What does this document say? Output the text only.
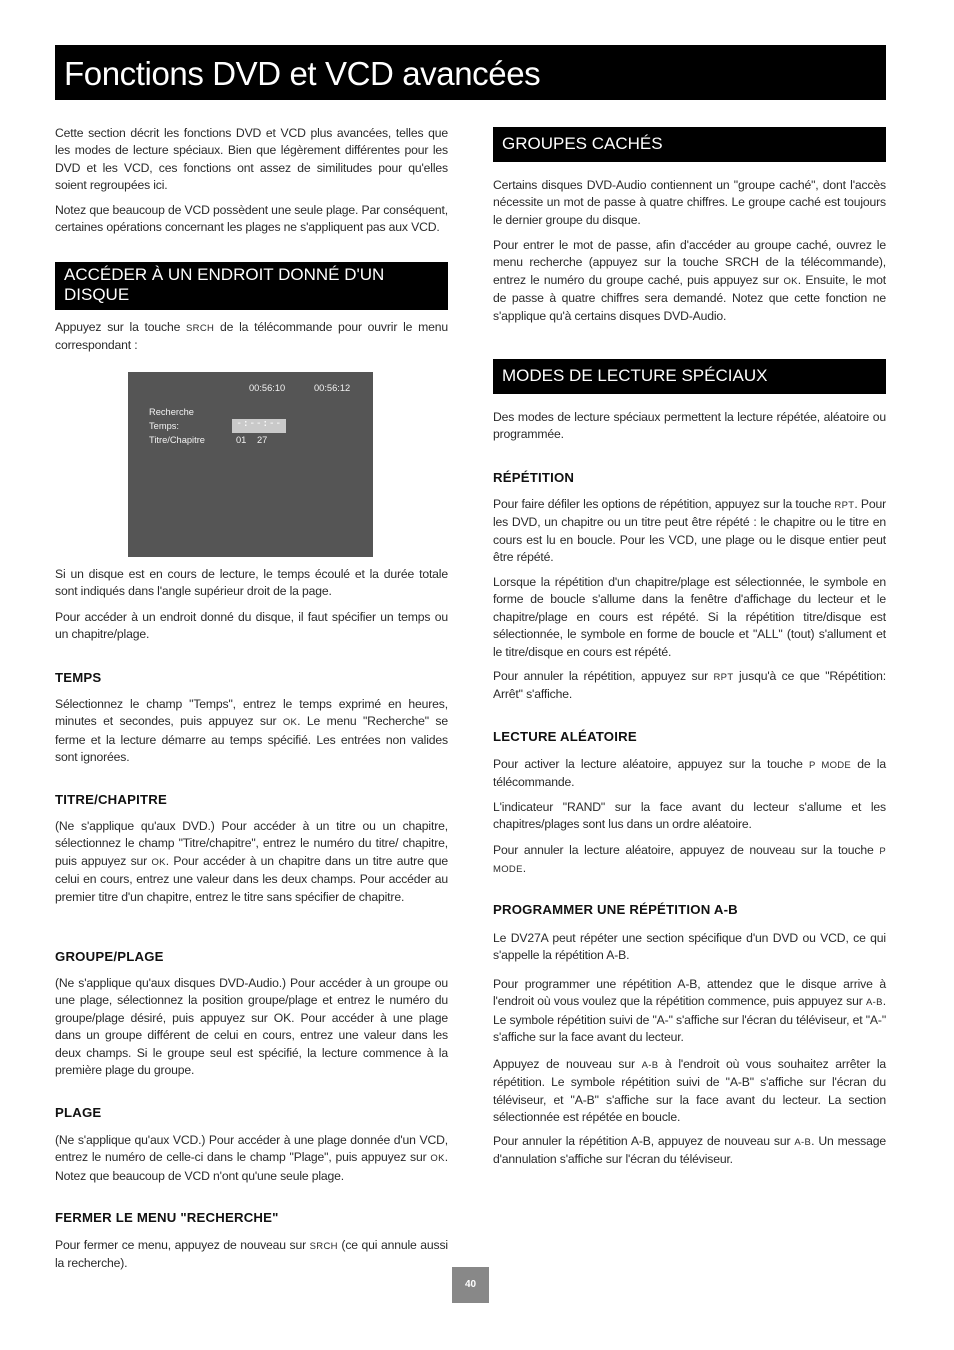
Fonctions DVD et VCD avancées

Cette section décrit les fonctions DVD et VCD plus avancées, telles que les modes de lecture spéciaux. Bien que légèrement différentes pour les DVD et les VCD, ces fonctions ont assez de similitudes pour qu'elles soient regroupées ici.

Notez que beaucoup de VCD possèdent une seule plage. Par conséquent, certaines opérations concernant les plages ne s'appliquent pas aux VCD.

ACCÉDER À UN ENDROIT DONNÉ D'UN DISQUE

Appuyez sur la touche SRCH de la télécommande pour ouvrir le menu correspondant :

00:56:10	00:56:12
Recherche
Temps:	-:--:--
Titre/Chapitre	01 27

Si un disque est en cours de lecture, le temps écoulé et la durée totale sont indiqués dans l'angle supérieur droit de la page.

Pour accéder à un endroit donné du disque, il faut spécifier un temps ou un chapitre/plage.

TEMPS

Sélectionnez le champ "Temps", entrez le temps exprimé en heures, minutes et secondes, puis appuyez sur OK. Le menu "Recherche" se ferme et la lecture démarre au temps spécifié. Les entrées non valides sont ignorées.

TITRE/CHAPITRE

(Ne s'applique qu'aux DVD.) Pour accéder à un titre ou un chapitre, sélectionnez le champ "Titre/chapitre", entrez le numéro du titre/ chapitre, puis appuyez sur OK. Pour accéder à un chapitre dans un titre autre que celui en cours, entrez une valeur dans les deux champs. Pour accéder au premier titre d'un chapitre, entrez le titre sans spécifier de chapitre.

GROUPE/PLAGE

(Ne s'applique qu'aux disques DVD-Audio.) Pour accéder à un groupe ou une plage, sélectionnez la position groupe/plage et entrez le numéro du groupe/plage désiré, puis appuyez sur OK. Pour accéder à une plage dans un groupe différent de celui en cours, entrez une valeur dans les deux champs. Si le groupe seul est spécifié, la lecture commence à la première plage du groupe.

PLAGE

(Ne s'applique qu'aux VCD.) Pour accéder à une plage donnée d'un VCD, entrez le numéro de celle-ci dans le champ "Plage", puis appuyez sur OK. Notez que beaucoup de VCD n'ont qu'une seule plage.

FERMER LE MENU "RECHERCHE"

Pour fermer ce menu, appuyez de nouveau sur SRCH (ce qui annule aussi la recherche).

GROUPES CACHÉS

Certains disques DVD-Audio contiennent un "groupe caché", dont l'accès nécessite un mot de passe à quatre chiffres. Le groupe caché est toujours le dernier groupe du disque.

Pour entrer le mot de passe, afin d'accéder au groupe caché, ouvrez le menu recherche (appuyez sur la touche SRCH de la télécommande), entrez le numéro du groupe caché, puis appuyez sur OK. Ensuite, le mot de passe à quatre chiffres sera demandé. Notez que cette fonction ne s'applique qu'à certains disques DVD-Audio.

MODES DE LECTURE SPÉCIAUX

Des modes de lecture spéciaux permettent la lecture répétée, aléatoire ou programmée.

RÉPÉTITION

Pour faire défiler les options de répétition, appuyez sur la touche RPT. Pour les DVD, un chapitre ou un titre peut être répété : le chapitre ou le titre en cours est lu en boucle. Pour les VCD, une plage ou le disque entier peut être répété.

Lorsque la répétition d'un chapitre/plage est sélectionnée, le symbole en forme de boucle s'allume dans la fenêtre d'affichage du lecteur et le chapitre/plage en cours est répété. Si la répétition titre/disque est sélectionnée, le symbole en forme de boucle et "ALL" (tout) s'allument et le titre/disque en cours est répété.

Pour annuler la répétition, appuyez sur RPT jusqu'à ce que "Répétition: Arrêt" s'affiche.

LECTURE ALÉATOIRE

Pour activer la lecture aléatoire, appuyez sur la touche P MODE de la télécommande.

L'indicateur "RAND" sur la face avant du lecteur s'allume et les chapitres/plages sont lus dans un ordre aléatoire.

Pour annuler la lecture aléatoire, appuyez de nouveau sur la touche P MODE.

PROGRAMMER UNE RÉPÉTITION A-B

Le DV27A peut répéter une section spécifique d'un DVD ou VCD, ce qui s'appelle la répétition A-B.

Pour programmer une répétition A-B, attendez que le disque arrive à l'endroit où vous voulez que la répétition commence, puis appuyez sur A-B. Le symbole répétition suivi de "A-" s'affiche sur l'écran du téléviseur, et "A-" s'affiche sur la face avant du lecteur.

Appuyez de nouveau sur A-B à l'endroit où vous souhaitez arrêter la répétition. Le symbole répétition suivi de "A-B" s'affiche sur l'écran du téléviseur, et "A-B" s'affiche sur la face avant du lecteur. La section sélectionnée est répétée en boucle.

Pour annuler la répétition A-B, appuyez de nouveau sur A-B. Un message d'annulation s'affiche sur l'écran du téléviseur.

40
